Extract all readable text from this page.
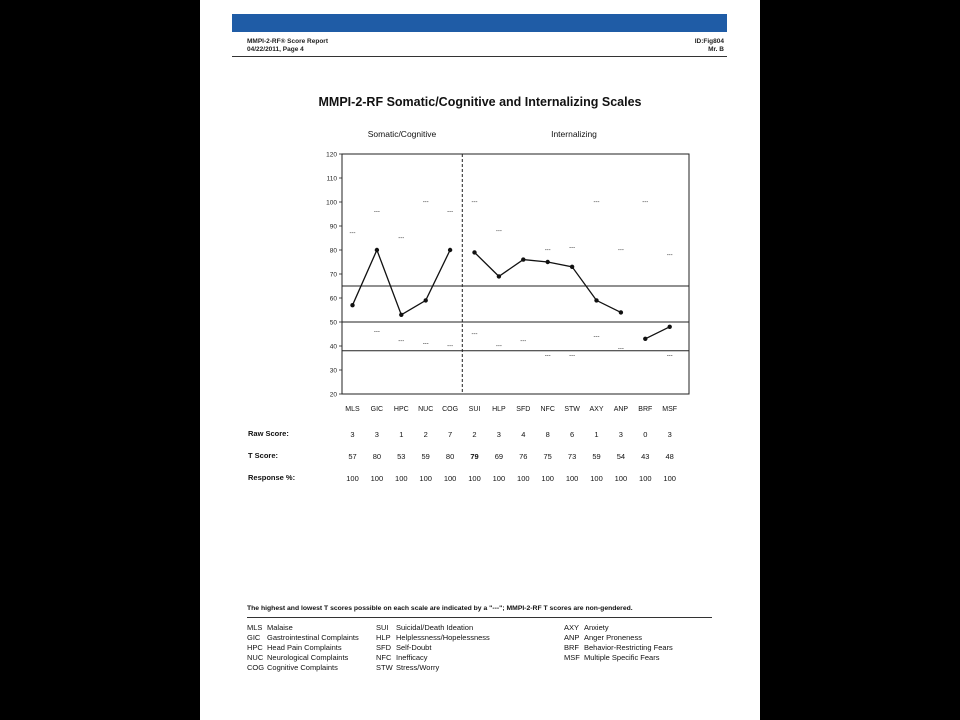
MMPI-2-RF® Score Report
04/22/2011, Page 4
ID:Fig804
Mr. B
MMPI-2-RF Somatic/Cognitive and Internalizing Scales
Somatic/Cognitive	Internalizing
20
30
40
50
60
70
80
90
100
110
120
MLS GIC HPC NUC COG SUI HLP SFD NFC STW AXY ANP BRF MSF
---
---
---
---
---
---
---
---	---
---
---
---
---
---
---	---	---
---
---
---
---	---
---
---
---
Raw Score:	3	3	1	2	7	2	3	4	8	6	1	3	0	3
T Score:	57	80	53	59	80	79	69	76	75	73	59	54	43	48
Response %:	100	100	100	100	100	100	100	100	100	100	100	100	100	100
The highest and lowest T scores possible on each scale are indicated by a "---"; MMPI-2-RF T scores are non-gendered.
MLS Malaise
GIC Gastrointestinal Complaints
HPC Head Pain Complaints
NUC Neurological Complaints
COG Cognitive Complaints
SUI Suicidal/Death Ideation
HLP Helplessness/Hopelessness
SFD Self-Doubt
NFC Inefficacy
STW Stress/Worry
AXY Anxiety
ANP Anger Proneness
BRF Behavior-Restricting Fears
MSF Multiple Specific Fears
